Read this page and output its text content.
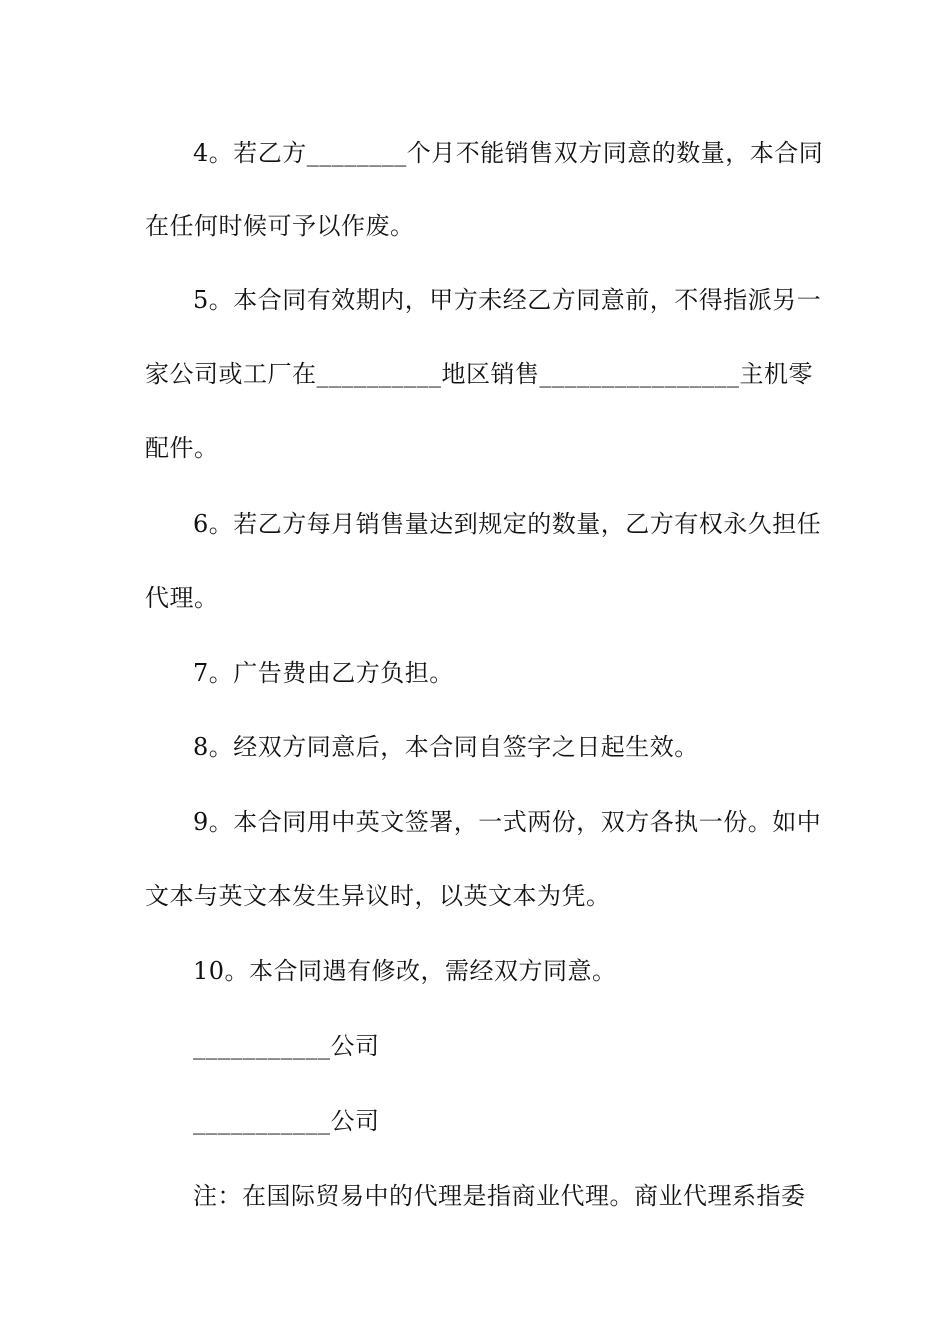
4。若乙方________个月不能销售双方同意的数量，本合同
在任何时候可予以作废。
5。本合同有效期内，甲方未经乙方同意前，不得指派另一
家公司或工厂在__________地区销售________________主机零
配件。
6。若乙方每月销售量达到规定的数量，乙方有权永久担任
代理。
7。广告费由乙方负担。
8。经双方同意后，本合同自签字之日起生效。
9。本合同用中英文签署，一式两份，双方各执一份。如中
文本与英文本发生异议时，以英文本为凭。
10。本合同遇有修改，需经双方同意。
___________公司
___________公司
注：在国际贸易中的代理是指商业代理。商业代理系指委
